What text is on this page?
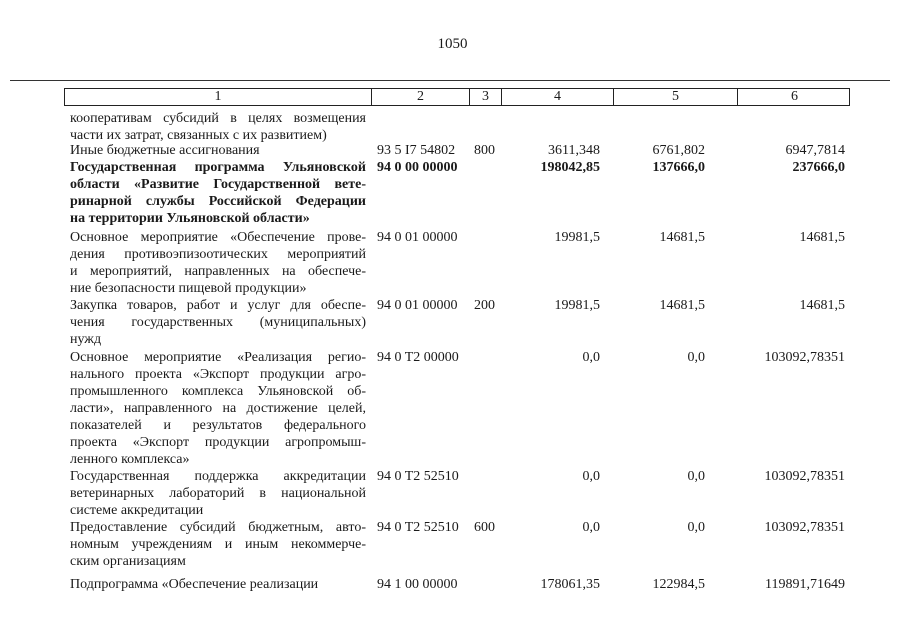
1050
1	2	3	4	5	6
кооперативам субсидий в целях возмещения
части их затрат, связанных с их развитием)
Иные бюджетные ассигнования	93 5 I7 54802 800	3611,348	6761,802	6947,7814
Государственная программа Ульяновской
области «Развитие Государственной вете-
ринарной службы Российской Федерации
на территории Ульяновской области»
94 0 00 00000	198042,85	137666,0	237666,0
Основное мероприятие «Обеспечение прове-
дения противоэпизоотических мероприятий
и мероприятий, направленных на обеспече-
ние безопасности пищевой продукции»
94 0 01 00000	19981,5	14681,5	14681,5
Закупка товаров, работ и услуг для обеспе-
чения государственных (муниципальных)
нужд
94 0 01 00000 200	19981,5	14681,5	14681,5
Основное мероприятие «Реализация регио-
нального проекта «Экспорт продукции агро-
промышленного комплекса Ульяновской об-
ласти», направленного на достижение целей,
показателей и результатов федерального
проекта «Экспорт продукции агропромыш-
ленного комплекса»
94 0 T2 00000	0,0	0,0	103092,78351
Государственная поддержка аккредитации
ветеринарных лабораторий в национальной
системе аккредитации
94 0 T2 52510	0,0	0,0	103092,78351
Предоставление субсидий бюджетным, авто-
номным учреждениям и иным некоммерче-
ским организациям
94 0 T2 52510 600	0,0	0,0	103092,78351
Подпрограмма «Обеспечение реализации	94 1 00 00000	178061,35	122984,5	119891,71649
